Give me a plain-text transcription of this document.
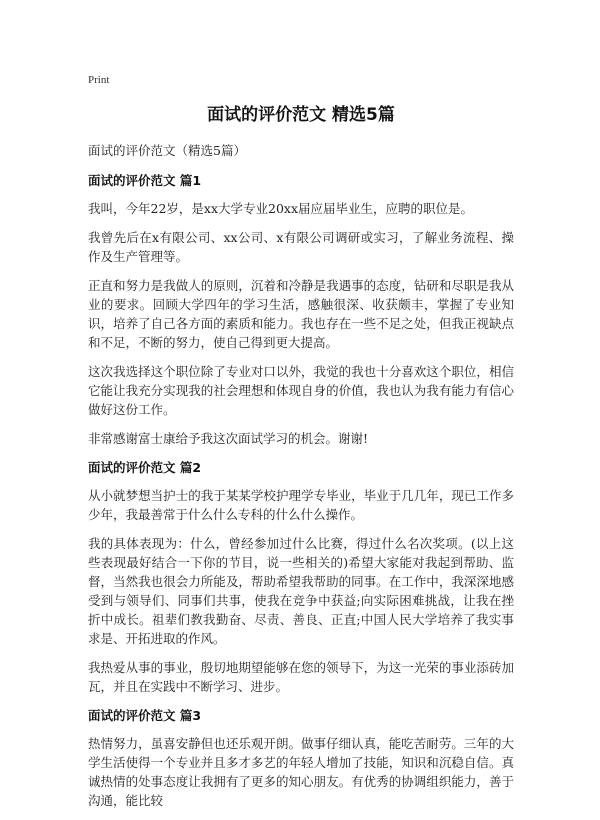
Print
面试的评价范文 精选5篇
面试的评价范文（精选5篇）
面试的评价范文 篇1

我叫，今年22岁，是xx大学专业20xx届应届毕业生，应聘的职位是。

我曾先后在x有限公司、xx公司、x有限公司调研或实习，了解业务流程、操作及生产管理等。

正直和努力是我做人的原则，沉着和冷静是我遇事的态度，钻研和尽职是我从业的要求。回顾大学四年的学习生活，感触很深、收获颇丰，掌握了专业知识，培养了自己各方面的素质和能力。我也存在一些不足之处，但我正视缺点和不足，不断的努力，使自己得到更大提高。

这次我选择这个职位除了专业对口以外，我觉的我也十分喜欢这个职位，相信它能让我充分实现我的社会理想和体现自身的价值，我也认为我有能力有信心做好这份工作。

非常感谢富士康给予我这次面试学习的机会。谢谢!

面试的评价范文 篇2

从小就梦想当护士的我于某某学校护理学专毕业，毕业于几几年，现已工作多少年，我最善常于什么什么专科的什么什么操作。

我的具体表现为：什么，曾经参加过什么比赛，得过什么名次奖项。(以上这些表现最好结合一下你的节目，说一些相关的)希望大家能对我起到帮助、监督，当然我也很会力所能及，帮助希望我帮助的同事。在工作中，我深深地感受到与领导们、同事们共事，使我在竞争中获益;向实际困难挑战，让我在挫折中成长。祖辈们教我勤奋、尽责、善良、正直;中国人民大学培养了我实事求是、开拓进取的作风。

我热爱从事的事业，殷切地期望能够在您的领导下，为这一光荣的事业添砖加瓦，并且在实践中不断学习、进步。

面试的评价范文 篇3

热情努力，虽喜安静但也还乐观开朗。做事仔细认真，能吃苦耐劳。三年的大学生活使得一个专业并且多才多艺的年轻人增加了技能，知识和沉稳自信。真诚热情的处事态度让我拥有了更多的知心朋友。有优秀的协调组织能力，善于沟通，能比较
